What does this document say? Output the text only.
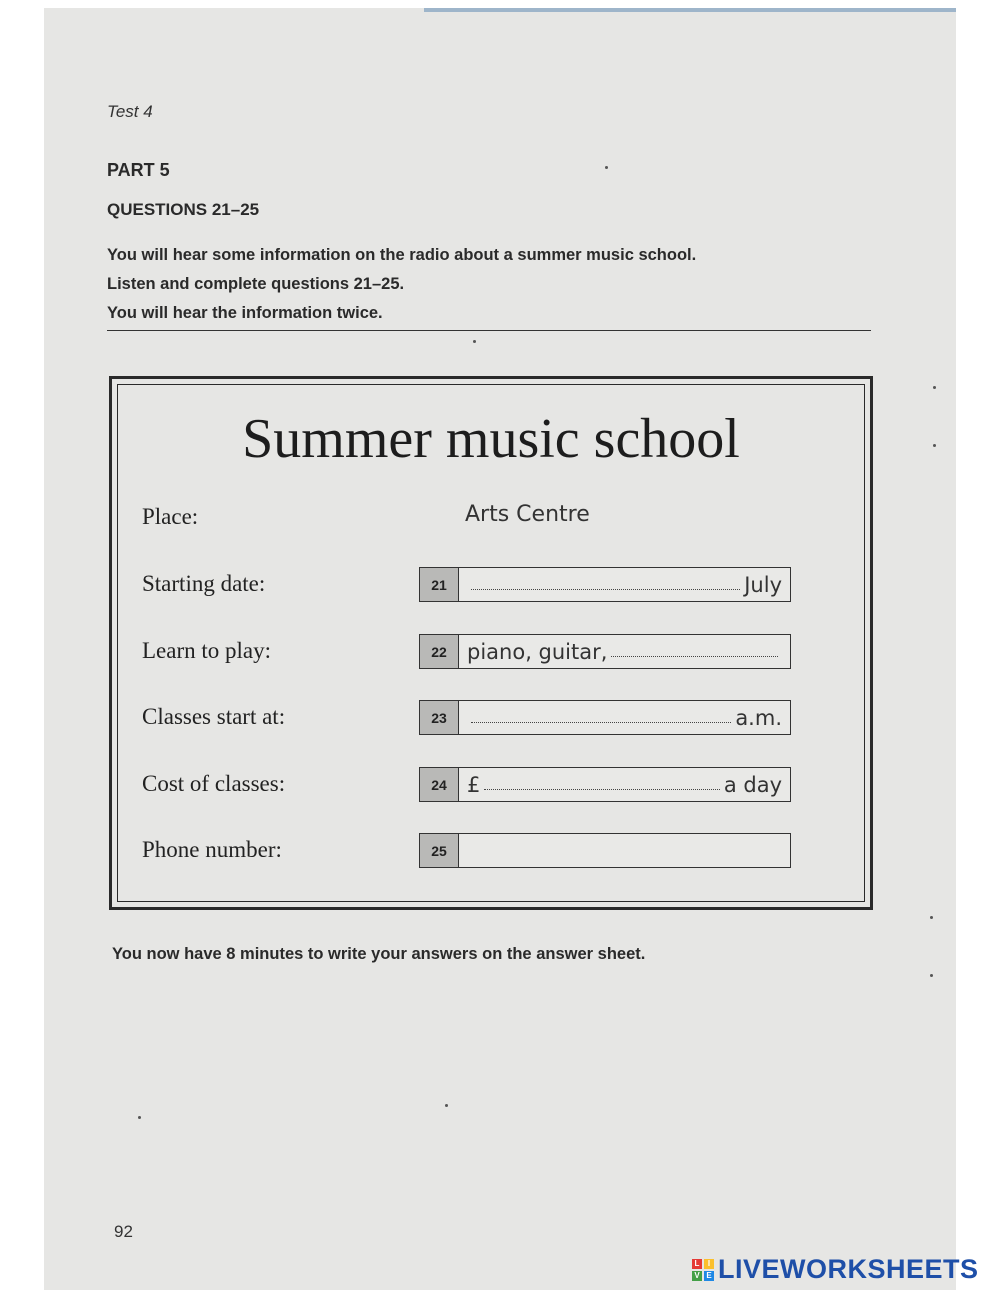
Test 4
PART 5
QUESTIONS 21–25
You will hear some information on the radio about a summer music school.
Listen and complete questions 21–25.
You will hear the information twice.
Summer music school
Place:	Arts Centre
Starting date:	21	July
Learn to play:	22 piano, guitar,
Classes start at:	23	a.m.
Cost of classes:	24 £	a day
Phone number:	25
You now have 8 minutes to write your answers on the answer sheet.
92
L	I
V E LIVEWORKSHEETS
